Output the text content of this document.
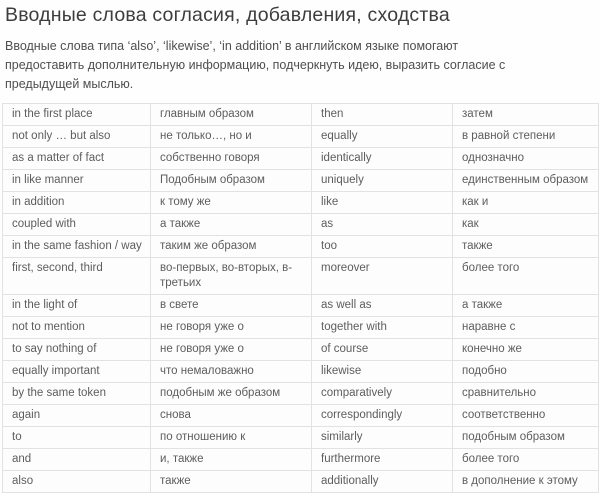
Вводные слова согласия, добавления, сходства

Вводные слова типа ‘also’, ‘likewise’, ‘in addition’ в английском языке помогают предоставить дополнительную информацию, подчеркнуть идею, выразить согласие с предыдущей мыслью.

in the first place	главным образом	then	затем
not only … but also	не только…, но и	equally	в равной степени
as a matter of fact	собственно говоря	identically	однозначно
in like manner	Подобным образом	uniquely	единственным образом
in addition	к тому же	like	как и
coupled with	а также	as	как
in the same fashion / way	таким же образом	too	также
first, second, third	во-первых, во-вторых, в-третьих	moreover	более того
in the light of	в свете	as well as	а также
not to mention	не говоря уже о	together with	наравне с
to say nothing of	не говоря уже о	of course	конечно же
equally important	что немаловажно	likewise	подобно
by the same token	подобным же образом	comparatively	сравнительно
again	снова	correspondingly	соответственно
to	по отношению к	similarly	подобным образом
and	и, также	furthermore	более того
also	также	additionally	в дополнение к этому
